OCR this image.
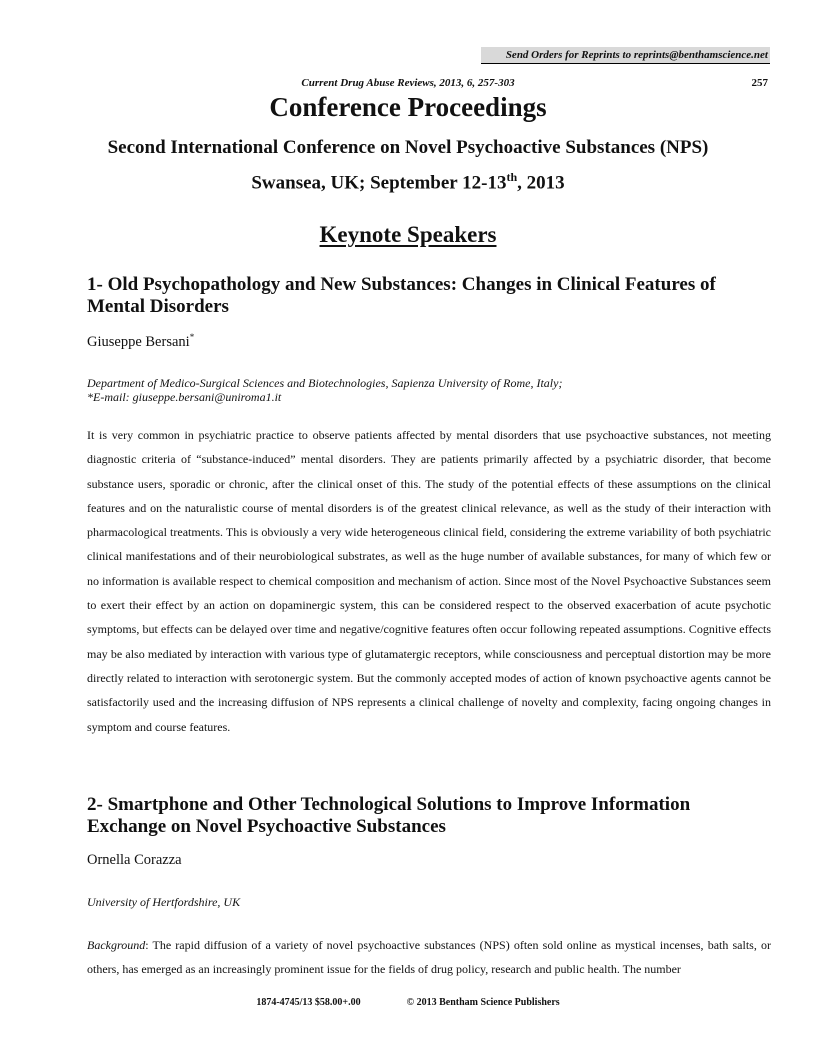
Send Orders for Reprints to reprints@benthamscience.net
Current Drug Abuse Reviews, 2013, 6, 257-303	257
Conference Proceedings
Second International Conference on Novel Psychoactive Substances (NPS)
Swansea, UK; September 12-13th, 2013
Keynote Speakers
1- Old Psychopathology and New Substances: Changes in Clinical Features of Mental Disorders
Giuseppe Bersani*
Department of Medico-Surgical Sciences and Biotechnologies, Sapienza University of Rome, Italy;
*E-mail: giuseppe.bersani@uniroma1.it

It is very common in psychiatric practice to observe patients affected by mental disorders that use psychoactive substances, not meeting diagnostic criteria of “substance-induced” mental disorders. They are patients primarily affected by a psychiatric disorder, that become substance users, sporadic or chronic, after the clinical onset of this. The study of the potential effects of these assumptions on the clinical features and on the naturalistic course of mental disorders is of the greatest clinical relevance, as well as the study of their interaction with pharmacological treatments. This is obviously a very wide heterogeneous clinical field, considering the extreme variability of both psychiatric clinical manifestations and of their neurobiological substrates, as well as the huge number of available substances, for many of which few or no information is available respect to chemical composition and mechanism of action. Since most of the Novel Psychoactive Substances seem to exert their effect by an action on dopaminergic system, this can be considered respect to the observed exacerbation of acute psychotic symptoms, but effects can be delayed over time and negative/cognitive features often occur following repeated assumptions. Cognitive effects may be also mediated by interaction with various type of glutamatergic receptors, while consciousness and perceptual distortion may be more directly related to interaction with serotonergic system. But the commonly accepted modes of action of known psychoactive agents cannot be satisfactorily used and the increasing diffusion of NPS represents a clinical challenge of novelty and complexity, facing ongoing changes in symptom and course features.

2- Smartphone and Other Technological Solutions to Improve Information Exchange on Novel Psychoactive Substances
Ornella Corazza
University of Hertfordshire, UK

Background: The rapid diffusion of a variety of novel psychoactive substances (NPS) often sold online as mystical incenses, bath salts, or others, has emerged as an increasingly prominent issue for the fields of drug policy, research and public health. The number

1874-4745/13 $58.00+.00	© 2013 Bentham Science Publishers
